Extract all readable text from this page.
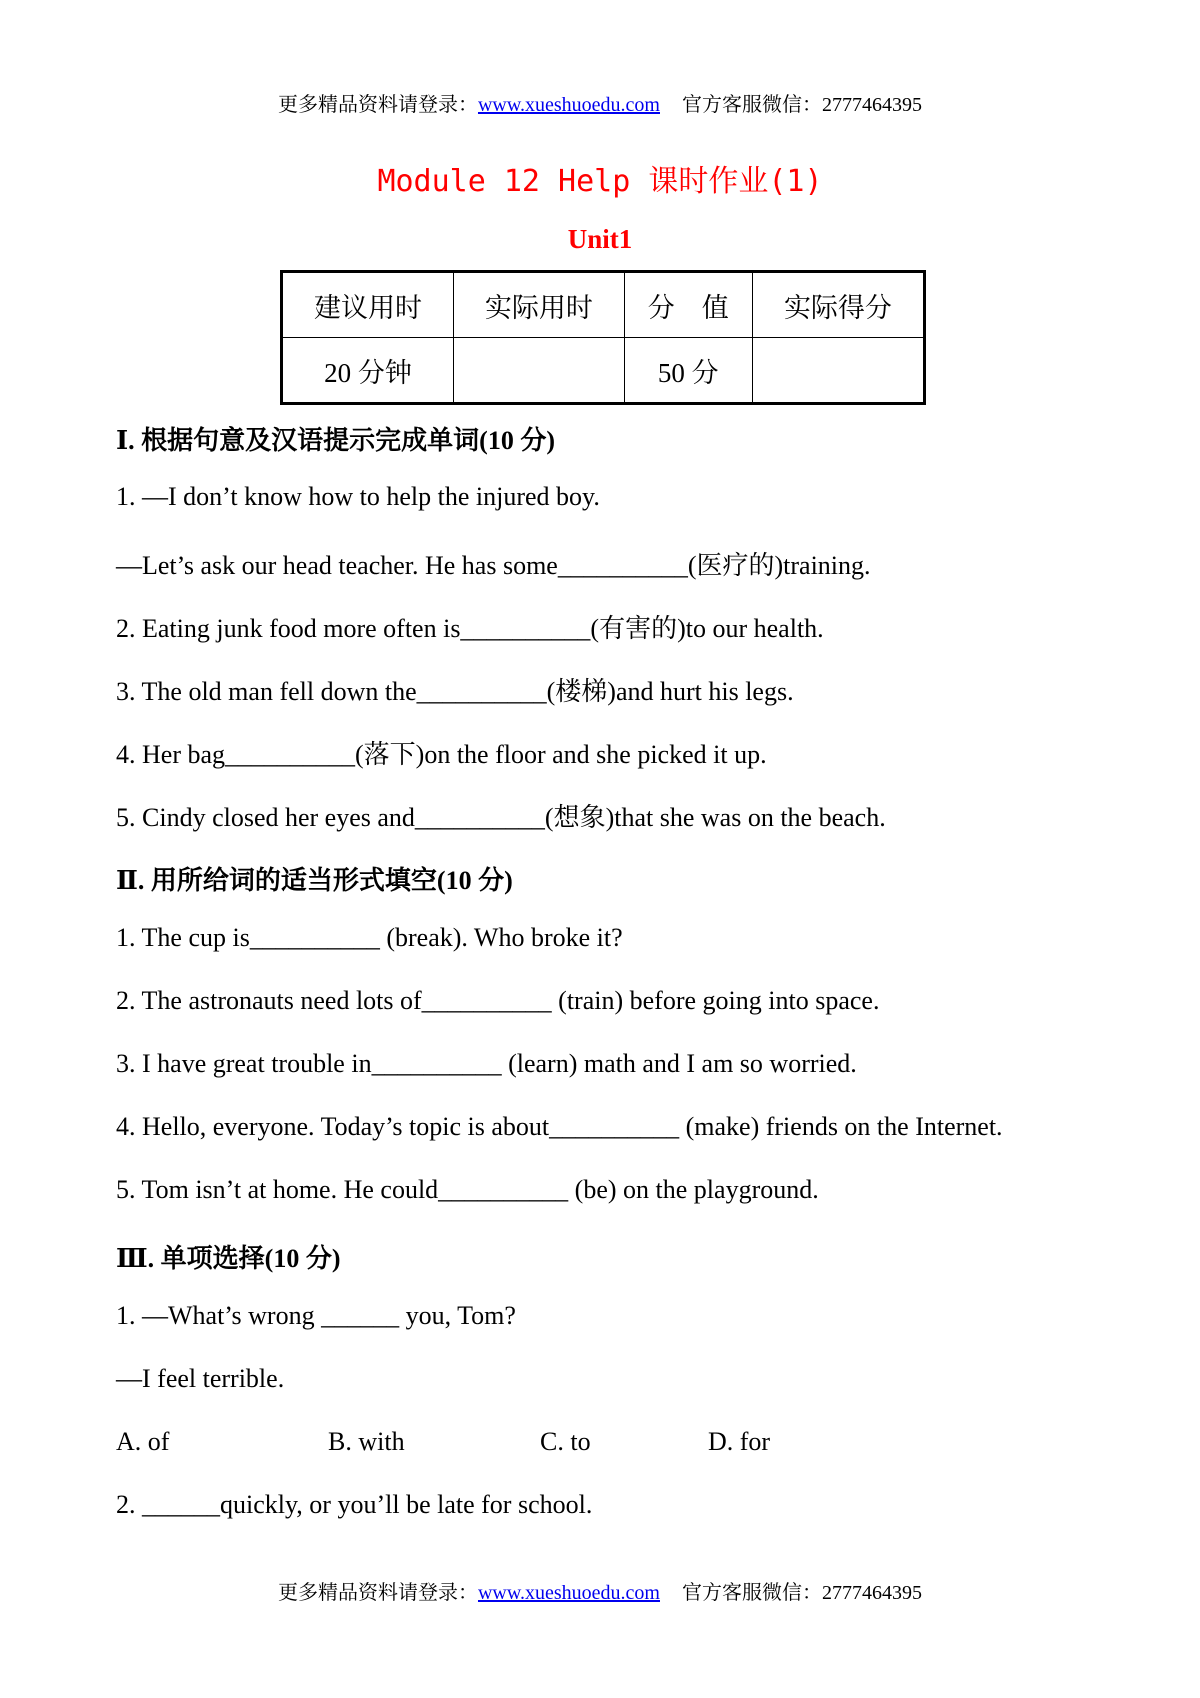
更多精品资料请登录：www.xueshuoedu.com 官方客服微信：2777464395
Module 12 Help 课时作业(1)
Unit1
建议用时	实际用时	分　值	实际得分
20 分钟		50 分	
Ⅰ. 根据句意及汉语提示完成单词(10 分)
1. —I don’t know how to help the injured boy.
—Let’s ask our head teacher. He has some__________(医疗的)training.
2. Eating junk food more often is__________(有害的)to our health.
3. The old man fell down the__________(楼梯)and hurt his legs.
4. Her bag__________(落下)on the floor and she picked it up.
5. Cindy closed her eyes and__________(想象)that she was on the beach.
Ⅱ. 用所给词的适当形式填空(10 分)
1. The cup is__________ (break). Who broke it?
2. The astronauts need lots of__________ (train) before going into space.
3. I have great trouble in__________ (learn) math and I am so worried.
4. Hello, everyone. Today’s topic is about__________ (make) friends on the Internet.
5. Tom isn’t at home. He could__________ (be) on the playground.
Ⅲ. 单项选择(10 分)
1. —What’s wrong ______ you, Tom?
—I feel terrible.
A. of	B. with	C. to	D. for
2. ______quickly, or you’ll be late for school.
更多精品资料请登录：www.xueshuoedu.com 官方客服微信：2777464395
